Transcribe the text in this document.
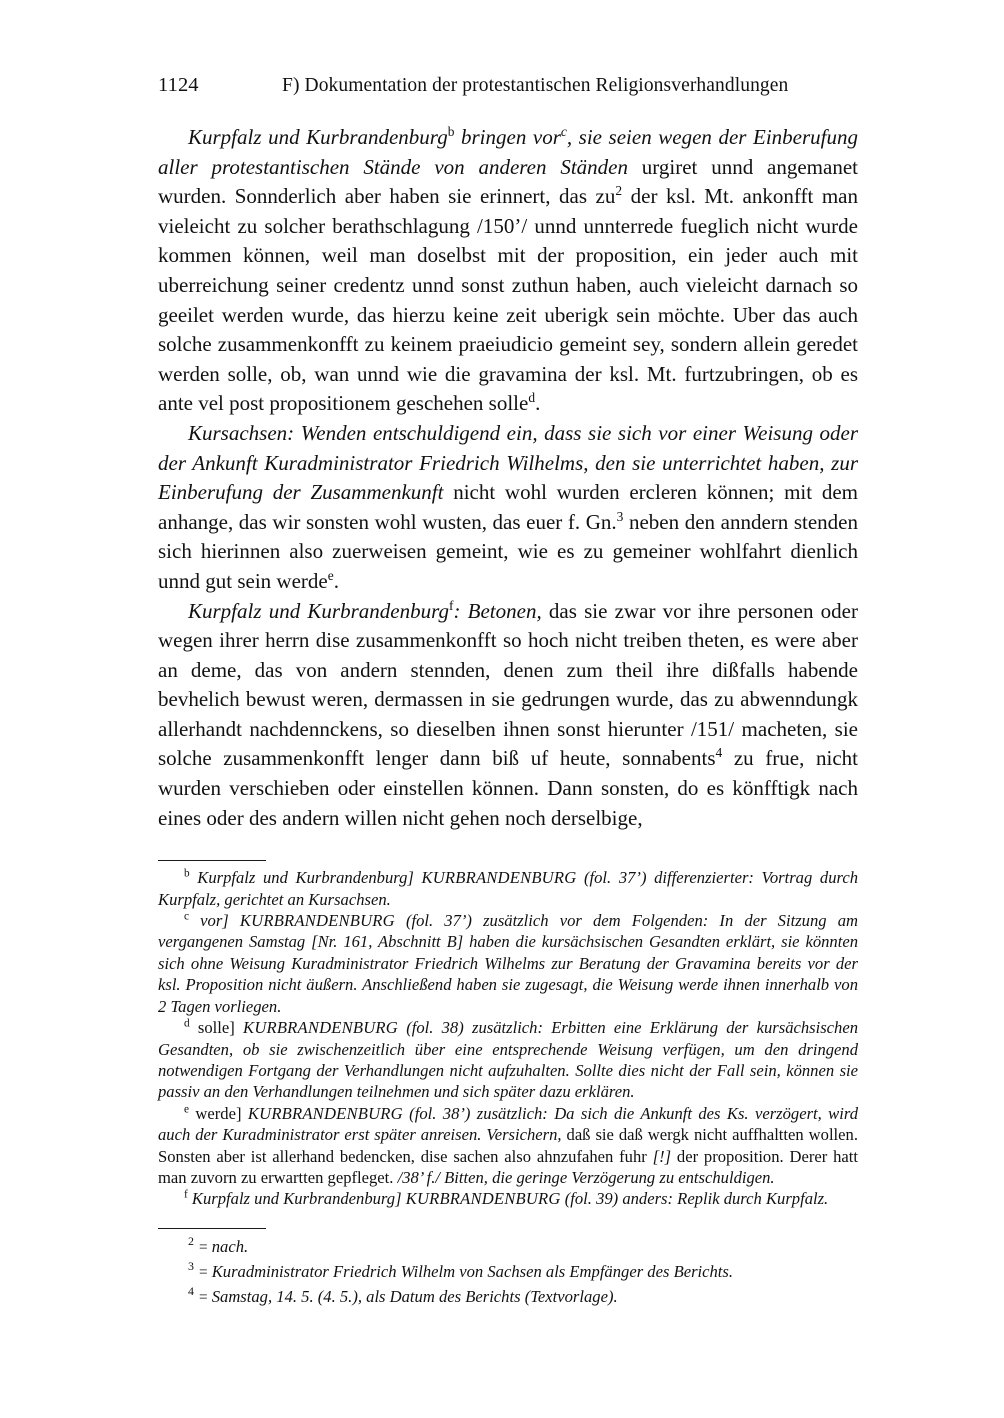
1124	F) Dokumentation der protestantischen Religionsverhandlungen

Kurpfalz und Kurbrandenburg$^b$ bringen vor$^c$, sie seien wegen der Einberufung aller protestantischen Stände von anderen Ständen urgiret unnd angemanet wurden. Sonnderlich aber haben sie erinnert, das $zu^2$ der ksl. Mt. ankonfft man vieleicht zu solcher berathschlagung /150’/ unnd unnterrede fueglich nicht wurde kommen können, weil man doselbst mit der proposition, ein jeder auch mit uberreichung seiner credentz unnd sonst zuthun haben, auch vieleicht darnach so geeilet werden wurde, das hierzu keine zeit uberigk sein möchte. Uber das auch solche zusammenkonfft zu keinem praeiudicio gemeint sey, sondern allein geredet werden solle, ob, wan unnd wie die gravamina der ksl. Mt. furtzubringen, ob es ante vel post propositionem geschehen solle$^d$.

Kursachsen: Wenden entschuldigend ein, dass sie sich vor einer Weisung oder der Ankunft Kuradministrator Friedrich Wilhelms, den sie unterrichtet haben, zur Einberufung der Zusammenkunft nicht wohl wurden ercleren können; mit dem anhange, das wir sonsten wohl wusten, das euer f. Gn.$^3$ neben den anndern stenden sich hierinnen also zuerweisen gemeint, wie es zu gemeiner wohlfahrt dienlich unnd gut sein werde$^e$.

Kurpfalz und Kurbrandenburg$^f$: Betonen, das sie zwar vor ihre personen oder wegen ihrer herrn dise zusammenkonfft so hoch nicht treiben theten, es were aber an deme, das von andern stennden, denen zum theil ihre dißfalls habende bevhelich bewust weren, dermassen in sie gedrungen wurde, das zu abwenndungk allerhandt nachdennckens, so dieselben ihnen sonst hierunter /151/ macheten, sie solche zusammenkonfft lenger dann biß uf heute, sonnabents$^4$ zu frue, nicht wurden verschieben oder einstellen können. Dann sonsten, do es könfftigk nach eines oder des andern willen nicht gehen noch derselbige,

$^b$ Kurpfalz und Kurbrandenburg] KURBRANDENBURG (fol. 37’) differenzierter: Vortrag durch Kurpfalz, gerichtet an Kursachsen.

$^c$ vor] KURBRANDENBURG (fol. 37’) zusätzlich vor dem Folgenden: In der Sitzung am vergangenen Samstag [Nr. 161, Abschnitt B] haben die kursächsischen Gesandten erklärt, sie könnten sich ohne Weisung Kuradministrator Friedrich Wilhelms zur Beratung der Gravamina bereits vor der ksl. Proposition nicht äußern. Anschließend haben sie zugesagt, die Weisung werde ihnen innerhalb von 2 Tagen vorliegen.

$^d$ solle] KURBRANDENBURG (fol. 38) zusätzlich: Erbitten eine Erklärung der kursächsischen Gesandten, ob sie zwischenzeitlich über eine entsprechende Weisung verfügen, um den dringend notwendigen Fortgang der Verhandlungen nicht aufzuhalten. Sollte dies nicht der Fall sein, können sie passiv an den Verhandlungen teilnehmen und sich später dazu erklären.

$^e$ werde] KURBRANDENBURG (fol. 38’) zusätzlich: Da sich die Ankunft des Ks. verzögert, wird auch der Kuradministrator erst später anreisen. Versichern, daß sie daß wergk nicht auffhaltten wollen. Sonsten aber ist allerhand bedencken, dise sachen also ahnzufahen fuhr [!] der proposition. Derer hatt man zuvorn zu erwartten gepfleget. /38’ f./ Bitten, die geringe Verzögerung zu entschuldigen.

$^f$ Kurpfalz und Kurbrandenburg] KURBRANDENBURG (fol. 39) anders: Replik durch Kurpfalz.

$^2$ = nach.

$^3$ = Kuradministrator Friedrich Wilhelm von Sachsen als Empfänger des Berichts.

$^4$ = Samstag, 14. 5. (4. 5.), als Datum des Berichts (Textvorlage).
